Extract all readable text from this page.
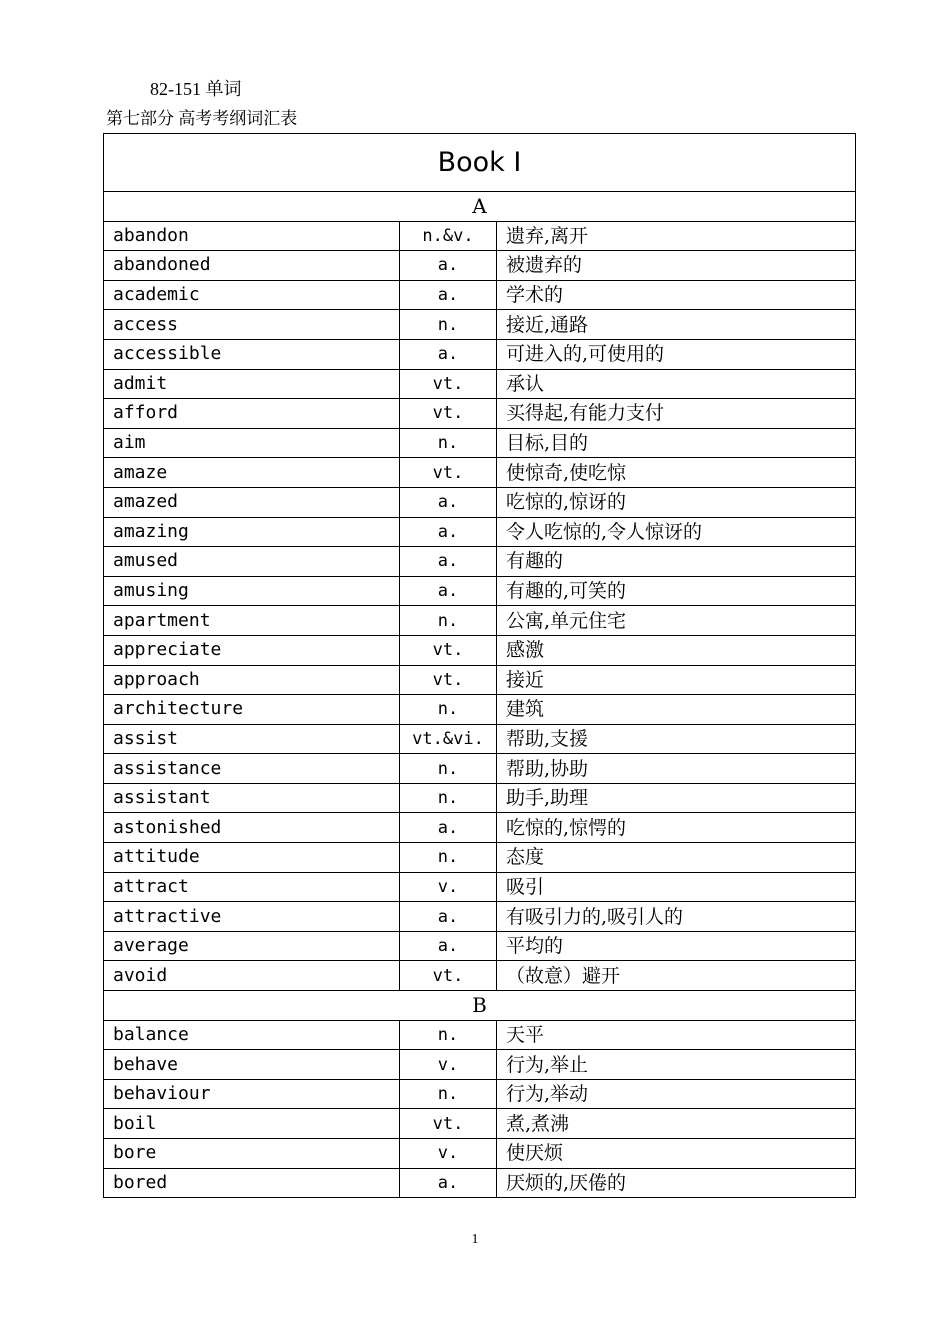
82-151 单词
第七部分 高考考纲词汇表
Book I		
A		
abandon	n.&v.	遗弃,离开
abandoned	a.	被遗弃的
academic	a.	学术的
access	n.	接近,通路
accessible	a.	可进入的,可使用的
admit	vt.	承认
afford	vt.	买得起,有能力支付
aim	n.	目标,目的
amaze	vt.	使惊奇,使吃惊
amazed	a.	吃惊的,惊讶的
amazing	a.	令人吃惊的,令人惊讶的
amused	a.	有趣的
amusing	a.	有趣的,可笑的
apartment	n.	公寓,单元住宅
appreciate	vt.	感激
approach	vt.	接近
architecture	n.	建筑
assist	vt.&vi.	帮助,支援
assistance	n.	帮助,协助
assistant	n.	助手,助理
astonished	a.	吃惊的,惊愕的
attitude	n.	态度
attract	v.	吸引
attractive	a.	有吸引力的,吸引人的
average	a.	平均的
avoid	vt.	（故意）避开
B		
balance	n.	天平
behave	v.	行为,举止
behaviour	n.	行为,举动
boil	vt.	煮,煮沸
bore	v.	使厌烦
bored	a.	厌烦的,厌倦的
1
